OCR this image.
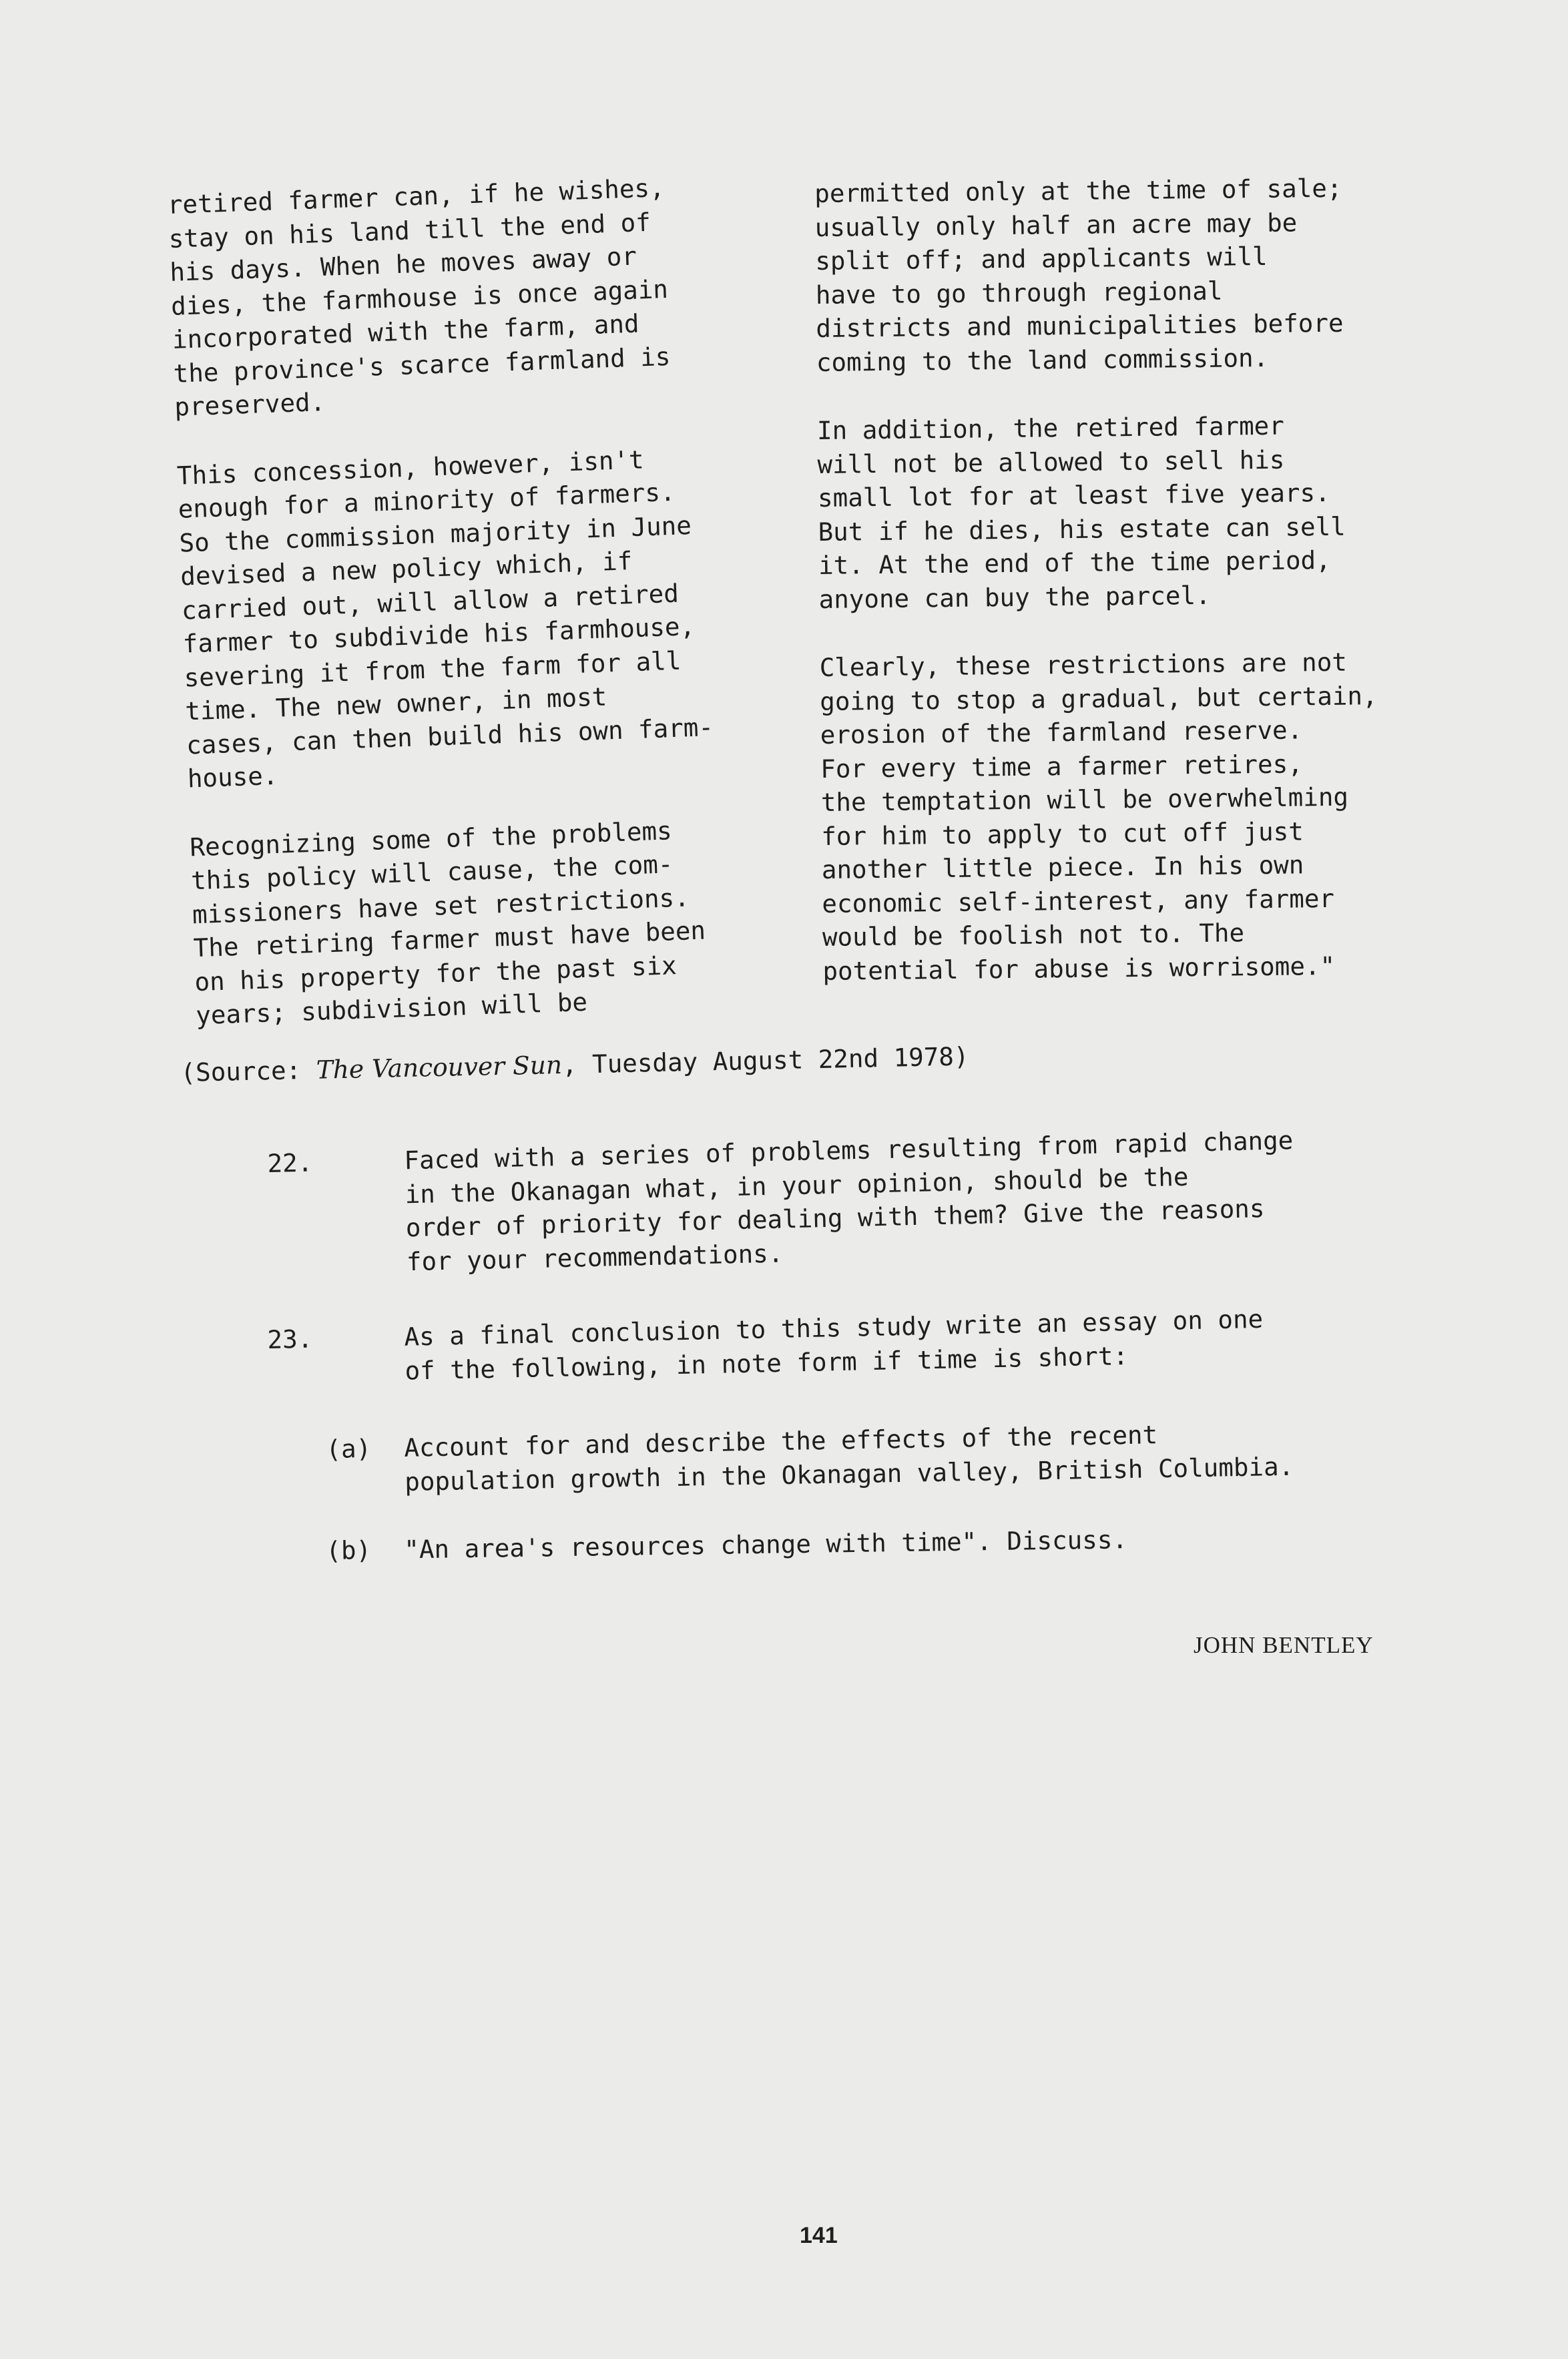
retired farmer can, if he wishes,
stay on his land till the end of
his days. When he moves away or
dies, the farmhouse is once again
incorporated with the farm, and
the province's scarce farmland is
preserved.

This concession, however, isn't
enough for a minority of farmers.
So the commission majority in June
devised a new policy which, if
carried out, will allow a retired
farmer to subdivide his farmhouse,
severing it from the farm for all
time. The new owner, in most
cases, can then build his own farm-
house.

Recognizing some of the problems
this policy will cause, the com-
missioners have set restrictions.
The retiring farmer must have been
on his property for the past six
years; subdivision will be

permitted only at the time of sale;
usually only half an acre may be
split off; and applicants will
have to go through regional
districts and municipalities before
coming to the land commission.

In addition, the retired farmer
will not be allowed to sell his
small lot for at least five years.
But if he dies, his estate can sell
it. At the end of the time period,
anyone can buy the parcel.

Clearly, these restrictions are not
going to stop a gradual, but certain,
erosion of the farmland reserve.
For every time a farmer retires,
the temptation will be overwhelming
for him to apply to cut off just
another little piece. In his own
economic self-interest, any farmer
would be foolish not to. The
potential for abuse is worrisome."

(Source: The Vancouver Sun, Tuesday August 22nd 1978)
22.	Faced with a series of problems resulting from rapid change
in the Okanagan what, in your opinion, should be the
order of priority for dealing with them? Give the reasons
for your recommendations.
23.	As a final conclusion to this study write an essay on one
of the following, in note form if time is short:
(a) Account for and describe the effects of the recent
population growth in the Okanagan valley, British Columbia.
(b) "An area's resources change with time". Discuss.
JOHN BENTLEY
141
